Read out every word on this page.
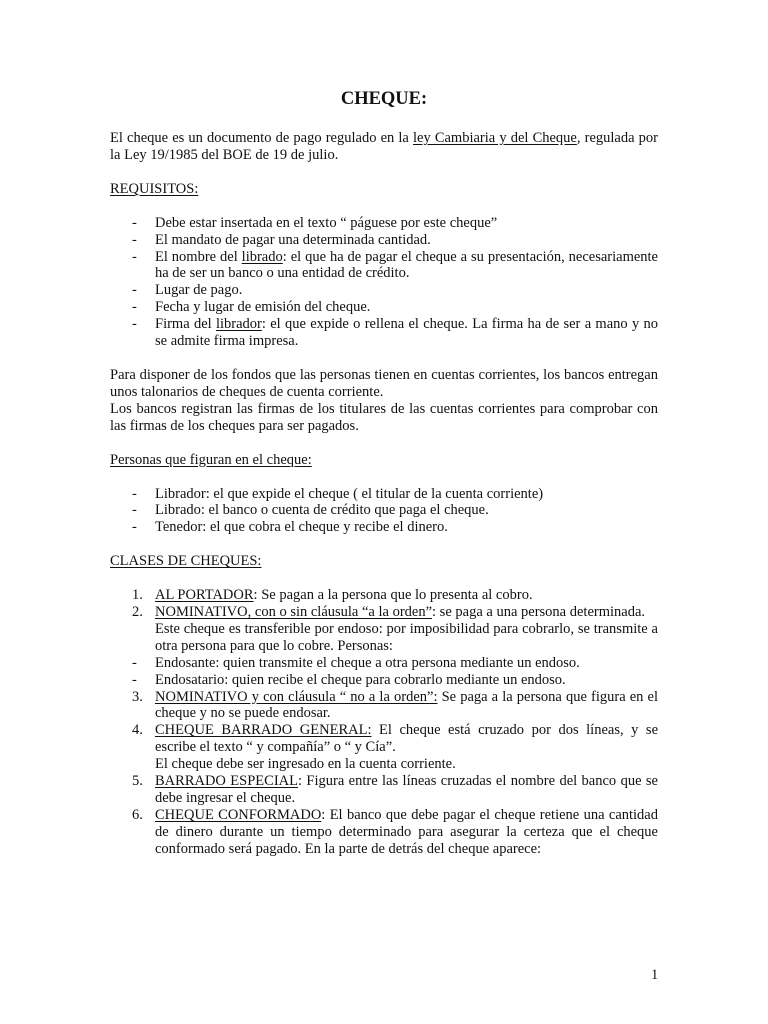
CHEQUE:

El cheque es un documento de pago regulado en la ley Cambiaria y del Cheque, regulada por la Ley 19/1985 del BOE de 19 de julio.

REQUISITOS:

- Debe estar insertada en el texto “ páguese por este cheque”
- El mandato de pagar una determinada cantidad.
- El nombre del librado: el que ha de pagar el cheque a su presentación, necesariamente ha de ser un banco o una entidad de crédito.
- Lugar de pago.
- Fecha y lugar de emisión del cheque.
- Firma del librador: el que expide o rellena el cheque. La firma ha de ser a mano y no se admite firma impresa.

Para disponer de los fondos que las personas tienen en cuentas corrientes, los bancos entregan unos talonarios de cheques de cuenta corriente.

Los bancos registran las firmas de los titulares de las cuentas corrientes para comprobar con las firmas de los cheques para ser pagados.

Personas que figuran en el cheque:

- Librador: el que expide el cheque ( el titular de la cuenta corriente)
- Librado: el banco o cuenta de crédito que paga el cheque.
- Tenedor: el que cobra el cheque y recibe el dinero.

CLASES DE CHEQUES:

1. AL PORTADOR: Se pagan a la persona que lo presenta al cobro.
2. NOMINATIVO, con o sin cláusula “a la orden”: se paga a una persona determinada.
Este cheque es transferible por endoso: por imposibilidad para cobrarlo, se transmite a otra persona para que lo cobre. Personas:
- Endosante: quien transmite el cheque a otra persona mediante un endoso.
- Endosatario: quien recibe el cheque para cobrarlo mediante un endoso.
3. NOMINATIVO y con cláusula “ no a la orden”: Se paga a la persona que figura en el cheque y no se puede endosar.
4. CHEQUE BARRADO GENERAL: El cheque está cruzado por dos líneas, y se escribe el texto “ y compañía” o “ y Cía”.
El cheque debe ser ingresado en la cuenta corriente.
5. BARRADO ESPECIAL: Figura entre las líneas cruzadas el nombre del banco que se debe ingresar el cheque.
6. CHEQUE CONFORMADO: El banco que debe pagar el cheque retiene una cantidad de dinero durante un tiempo determinado para asegurar la certeza que el cheque conformado será pagado. En la parte de detrás del cheque aparece:
1
